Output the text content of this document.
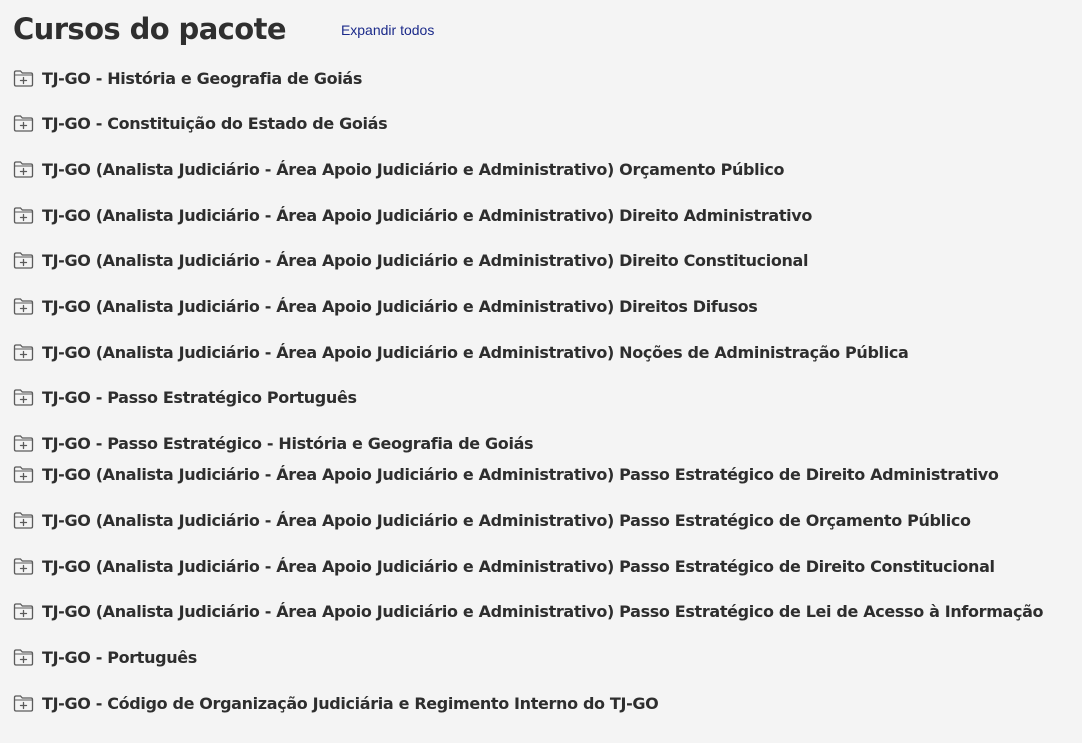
Cursos do pacote	Expandir todos
TJ-GO - História e Geografia de Goiás
TJ-GO - Constituição do Estado de Goiás
TJ-GO (Analista Judiciário - Área Apoio Judiciário e Administrativo) Orçamento Público
TJ-GO (Analista Judiciário - Área Apoio Judiciário e Administrativo) Direito Administrativo
TJ-GO (Analista Judiciário - Área Apoio Judiciário e Administrativo) Direito Constitucional
TJ-GO (Analista Judiciário - Área Apoio Judiciário e Administrativo) Direitos Difusos
TJ-GO (Analista Judiciário - Área Apoio Judiciário e Administrativo) Noções de Administração Pública
TJ-GO - Passo Estratégico Português
TJ-GO - Passo Estratégico - História e Geografia de Goiás
TJ-GO (Analista Judiciário - Área Apoio Judiciário e Administrativo) Passo Estratégico de Direito Administrativo
TJ-GO (Analista Judiciário - Área Apoio Judiciário e Administrativo) Passo Estratégico de Orçamento Público
TJ-GO (Analista Judiciário - Área Apoio Judiciário e Administrativo) Passo Estratégico de Direito Constitucional
TJ-GO (Analista Judiciário - Área Apoio Judiciário e Administrativo) Passo Estratégico de Lei de Acesso à Informação
TJ-GO - Português
TJ-GO - Código de Organização Judiciária e Regimento Interno do TJ-GO
